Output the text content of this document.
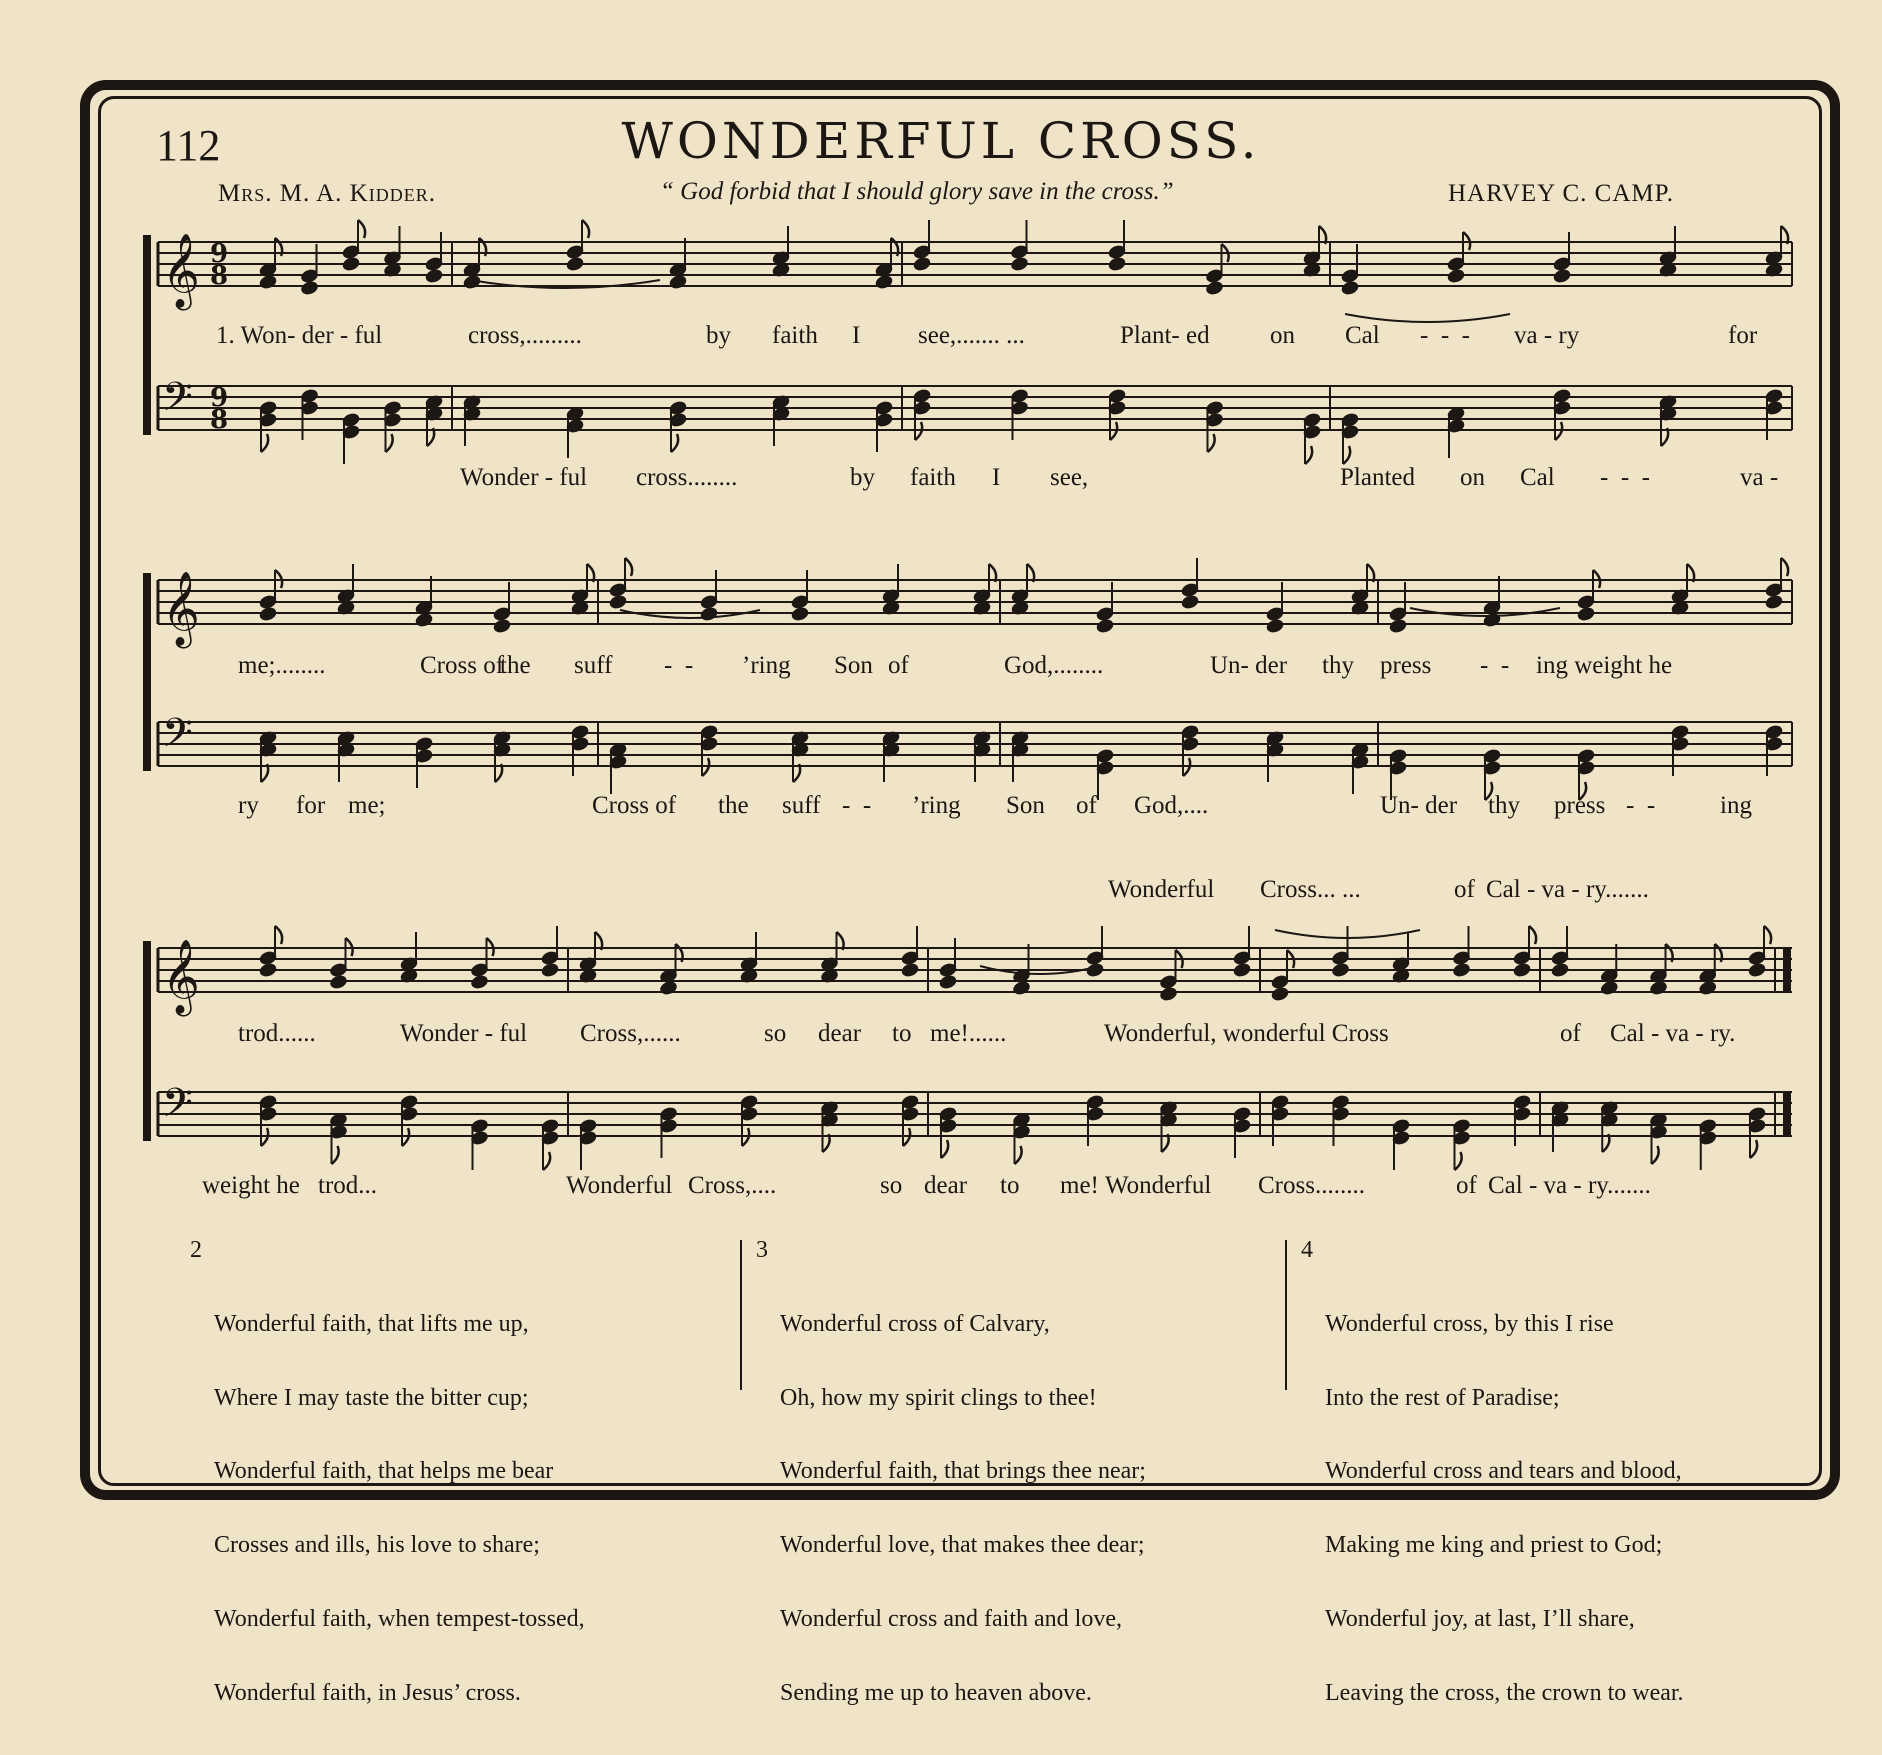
112	WONDERFUL CROSS.
Mrs. M. A. Kidder.	“ God forbid that I should glory save in the cross.”	HARVEY C. CAMP.
𝄞
𝄢
𝄞
𝄢
𝄞
𝄢
9
8
9
8
1. Won- der - ful	cross,.........	by faith I see,....... ...	Plant- ed on Cal -  -  - va - ry	for
Wonder - ful cross........	by faith I see,	Planted on Cal -  -  -	va -
me;........	Cross of
the suff -  - ’ring Son of	God,........	Un- der thy press -  - ing weight he
ry for me;	Cross of the suff -  - ’ring Son of God,....	Un- der thy press -  -	ing
Wonderful Cross... ...	of Cal - va - ry.......
trod......	Wonder - ful Cross,......	so dear to me!......	Wonderful, wonderful Cross	of Cal - va - ry.
weight he trod...	Wonderful Cross,....	so dear to me! Wonderful Cross........	of Cal - va - ry.......

2

Wonderful faith, that lifts me up,

Where I may taste the bitter cup;

Wonderful faith, that helps me bear

Crosses and ills, his love to share;

Wonderful faith, when tempest-tossed,

Wonderful faith, in Jesus’ cross.

3

Wonderful cross of Calvary,

Oh, how my spirit clings to thee!

Wonderful faith, that brings thee near;

Wonderful love, that makes thee dear;

Wonderful cross and faith and love,

Sending me up to heaven above.

4

Wonderful cross, by this I rise

Into the rest of Paradise;

Wonderful cross and tears and blood,

Making me king and priest to God;

Wonderful joy, at last, I’ll share,

Leaving the cross, the crown to wear.
